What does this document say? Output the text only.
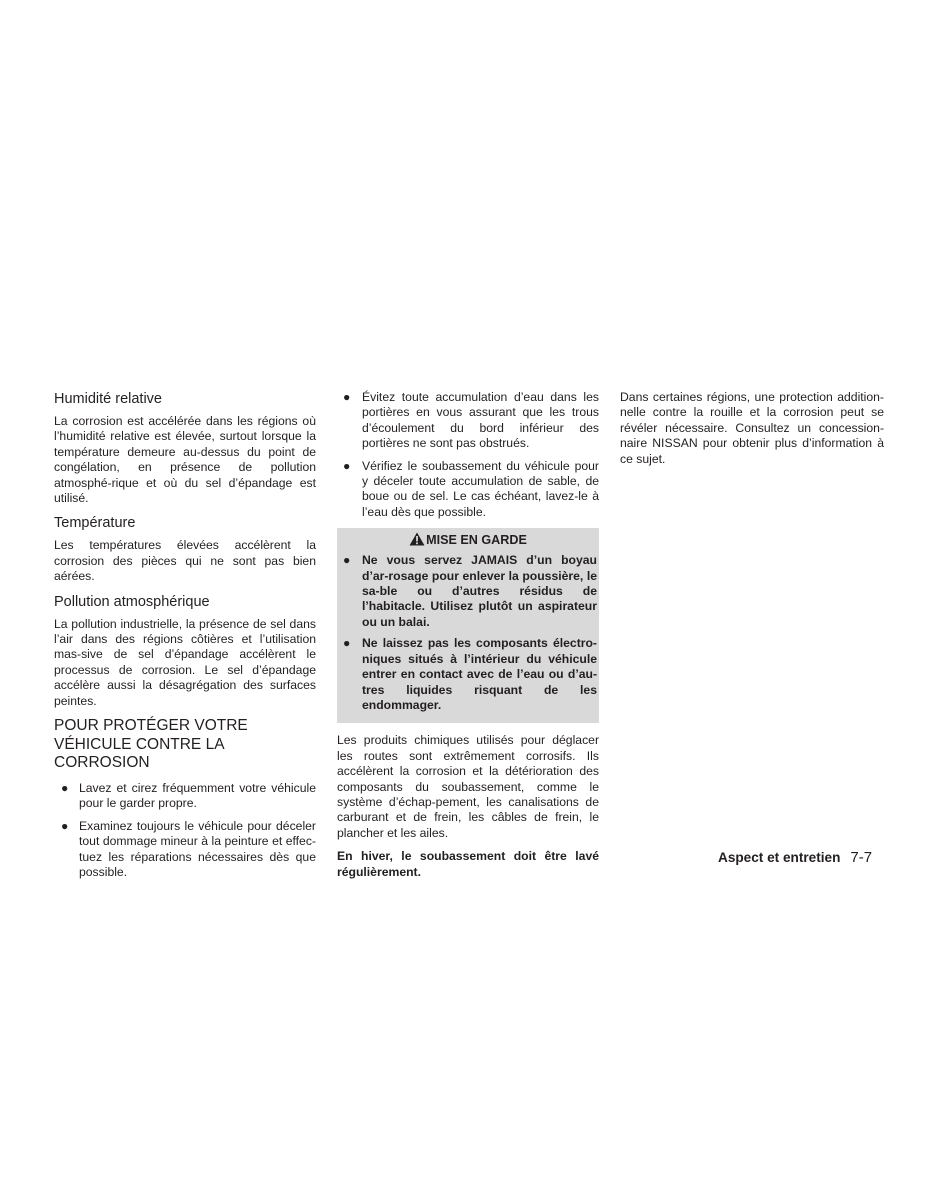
Humidité relative

La corrosion est accélérée dans les régions où l’humidité relative est élevée, surtout lorsque la température demeure au-dessus du point de congélation, en présence de pollution atmosphé-rique et où du sel d’épandage est utilisé.

Température

Les températures élevées accélèrent la corrosion des pièces qui ne sont pas bien aérées.

Pollution atmosphérique

La pollution industrielle, la présence de sel dans l’air dans des régions côtières et l’utilisation mas-sive de sel d’épandage accélèrent le processus de corrosion. Le sel d’épandage accélère aussi la désagrégation des surfaces peintes.

POUR PROTÉGER VOTRE
VÉHICULE CONTRE LA
CORROSION
● Lavez et cirez fréquemment votre véhicule pour le garder propre.
● Examinez toujours le véhicule pour déceler tout dommage mineur à la peinture et effec-tuez les réparations nécessaires dès que possible.
● Évitez toute accumulation d’eau dans les portières en vous assurant que les trous d’écoulement du bord inférieur des portières ne sont pas obstrués.
● Vérifiez le soubassement du véhicule pour y déceler toute accumulation de sable, de boue ou de sel. Le cas échéant, lavez-le à l’eau dès que possible.
MISE EN GARDE
● Ne vous servez JAMAIS d’un boyau d’ar-rosage pour enlever la poussière, le sa-ble ou d’autres résidus de l’habitacle. Utilisez plutôt un aspirateur ou un balai.
● Ne laissez pas les composants électro-niques situés à l’intérieur du véhicule entrer en contact avec de l’eau ou d’au-tres liquides risquant de les endommager.

Les produits chimiques utilisés pour déglacer les routes sont extrêmement corrosifs. Ils accélèrent la corrosion et la détérioration des composants du soubassement, comme le système d’échap-pement, les canalisations de carburant et de frein, les câbles de frein, le plancher et les ailes.

En hiver, le soubassement doit être lavé régulièrement.

Dans certaines régions, une protection addition-nelle contre la rouille et la corrosion peut se révéler nécessaire. Consultez un concession-naire NISSAN pour obtenir plus d’information à ce sujet.

Aspect et entretien 7-7
